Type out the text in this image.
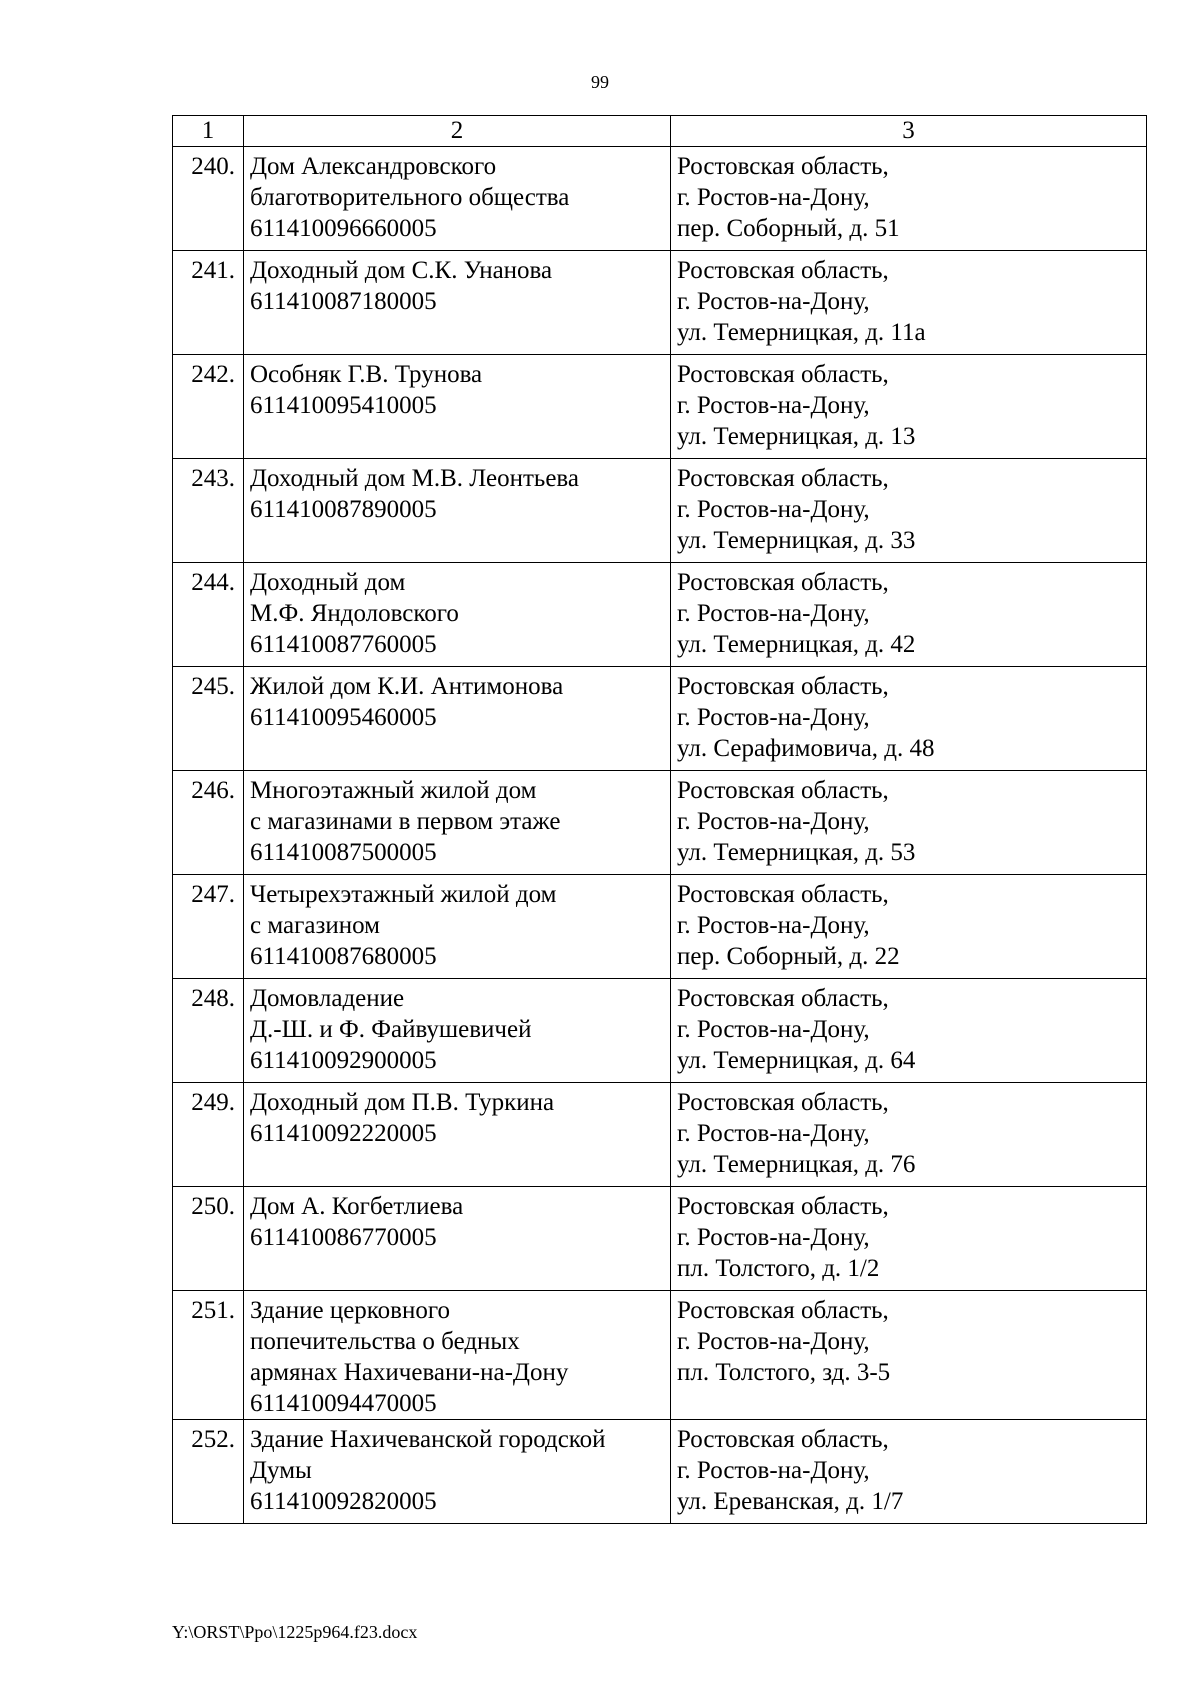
99
1	2	3
240.	Дом Александровского
благотворительного общества
611410096660005	Ростовская область,
г. Ростов-на-Дону,
пер. Соборный, д. 51

241.	Доходный дом С.К. Унанова
611410087180005	Ростовская область,
г. Ростов-на-Дону,
ул. Темерницкая, д. 11а

242.	Особняк Г.В. Трунова
611410095410005	Ростовская область,
г. Ростов-на-Дону,
ул. Темерницкая, д. 13

243.	Доходный дом М.В. Леонтьева
611410087890005	Ростовская область,
г. Ростов-на-Дону,
ул. Темерницкая, д. 33

244.	Доходный дом
М.Ф. Яндоловского
611410087760005	Ростовская область,
г. Ростов-на-Дону,
ул. Темерницкая, д. 42

245.	Жилой дом К.И. Антимонова
611410095460005	Ростовская область,
г. Ростов-на-Дону,
ул. Серафимовича, д. 48

246.	Многоэтажный жилой дом
с магазинами в первом этаже
611410087500005	Ростовская область,
г. Ростов-на-Дону,
ул. Темерницкая, д. 53

247.	Четырехэтажный жилой дом
с магазином
611410087680005	Ростовская область,
г. Ростов-на-Дону,
пер. Соборный, д. 22

248.	Домовладение
Д.-Ш. и Ф. Файвушевичей
611410092900005	Ростовская область,
г. Ростов-на-Дону,
ул. Темерницкая, д. 64

249.	Доходный дом П.В. Туркина
611410092220005	Ростовская область,
г. Ростов-на-Дону,
ул. Темерницкая, д. 76

250.	Дом А. Когбетлиева
611410086770005	Ростовская область,
г. Ростов-на-Дону,
пл. Толстого, д. 1/2

251.	Здание церковного
попечительства о бедных
армянах Нахичевани-на-Дону
611410094470005	Ростовская область,
г. Ростов-на-Дону,
пл. Толстого, зд. 3-5

252.	Здание Нахичеванской городской
Думы
611410092820005	Ростовская область,
г. Ростов-на-Дону,
ул. Ереванская, д. 1/7
Y:\ORST\Ppo\1225p964.f23.docx
